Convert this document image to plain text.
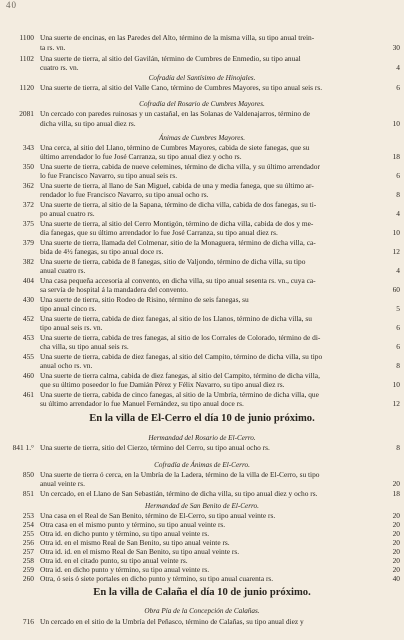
40
1100 Una suerte de encinas, en las Paredes del Alto, término de la misma villa, su tipo anual trein-
ta rs. vn.	30
1102 Una suerte de tierra, al sitio del Gavilán, término de Cumbres de Enmedio, su tipo anual
cuatro rs. vn.	4
Cofradía del Santísimo de Hinojales.
1120 Una suerte de tierra, al sitio del Valle Cano, término de Cumbres Mayores, su tipo anual seis rs.	6
Cofradía del Rosario de Cumbres Mayores.
2081 Un cercado con paredes ruinosas y un castañal, en las Solanas de Valdenajarros, término de
dicha villa, su tipo anual diez rs.	10
Ánimas de Cumbres Mayores.
343 Una cerca, al sitio del Llano, término de Cumbres Mayores, cabida de siete fanegas, que su
último arrendador lo fue José Carranza, su tipo anual diez y ocho rs.	18
350 Una suerte de tierra, cabida de nueve celemines, término de dicha villa, y su último arrendador
lo fue Francisco Navarro, su tipo anual seis rs.	6
362 Una suerte de tierra, al llano de San Miguel, cabida de una y media fanega, que su último ar-
rendador lo fue Francisco Navarro, su tipo anual ocho rs.	8
372 Una suerte de tierra, al sitio de la Sapana, término de dicha villa, cabida de dos fanegas, su ti-
po anual cuatro rs.	4
375 Una suerte de tierra, al sitio del Cerro Montigón, término de dicha villa, cabida de dos y me-
dia fanegas, que su último arrendador lo fue José Carranza, su tipo anual diez rs.	10
379 Una suerte de tierra, llamada del Colmenar, sitio de la Monaguera, término de dicha villa, ca-
bida de 4½ fanegas, su tipo anual doce rs.	12
382 Una suerte de tierra, cabida de 8 fanegas, sitio de Valjondo, término de dicha villa, su tipo
anual cuatro rs.	4
404 Una casa pequeña accesoria al convento, en dicha villa, su tipo anual sesenta rs. vn., cuya ca-
sa servía de hospital á la mandadera del convento.	60
430 Una suerte de tierra, sitio Rodeo de Risino, término de seis fanegas, su
tipo anual cinco rs.	5
452 Una suerte de tierra, cabida de diez fanegas, al sitio de los Llanos, término de dicha villa, su
tipo anual seis rs. vn.	6
453 Una suerte de tierra, cabida de tres fanegas, al sitio de los Corrales de Colorado, término de di-
cha villa, su tipo anual seis rs.	6
455 Una suerte de tierra, cabida de diez fanegas, al sitio del Campito, término de dicha villa, su tipo
anual ocho rs. vn.	8
460 Una suerte de tierra calma, cabida de diez fanegas, al sitio del Campito, término de dicha villa,
que su último poseedor lo fue Damián Pérez y Félix Navarro, su tipo anual diez rs.	10
461 Una suerte de tierra, cabida de cinco fanegas, al sitio de la Umbría, término de dicha villa, que
su último arrendador lo fue Manuel Fernández, su tipo anual doce rs.	12
En la villa de El-Cerro el día 10 de junio próximo.
Hermandad del Rosario de El-Cerro.
841 1.° Una suerte de tierra, sitio del Cierzo, término del Cerro, su tipo anual ocho rs.	8
Cofradía de Ánimas de El-Cerro.
850 Una suerte de tierra ó cerca, en la Umbría de la Ladera, término de la villa de El-Cerro, su tipo
anual veinte rs.	20
851 Un cercado, en el Llano de San Sebastián, término de dicha villa, su tipo anual diez y ocho rs.	18
Hermandad de San Benito de El-Cerro.
253 Una casa en el Real de San Benito, término de El-Cerro, su tipo anual veinte rs.	20
254 Otra casa en el mismo punto y término, su tipo anual veinte rs.	20
255 Otra id. en dicho punto y término, su tipo anual veinte rs.	20
256 Otra id. en el mismo Real de San Benito, su tipo anual veinte rs.	20
257 Otra id. id. en el mismo Real de San Benito, su tipo anual veinte rs.	20
258 Otra id. en el citado punto, su tipo anual veinte rs.	20
259 Otra id. en dicho punto y término, su tipo anual veinte rs.	20
260 Otra, ó seis ó siete portales en dicho punto y término, su tipo anual cuarenta rs.	40
En la villa de Calaña el día 10 de junio próximo.
Obra Pía de la Concepción de Calañas.
716 Un cercado en el sitio de la Umbría del Peñasco, término de Calañas, su tipo anual diez y
